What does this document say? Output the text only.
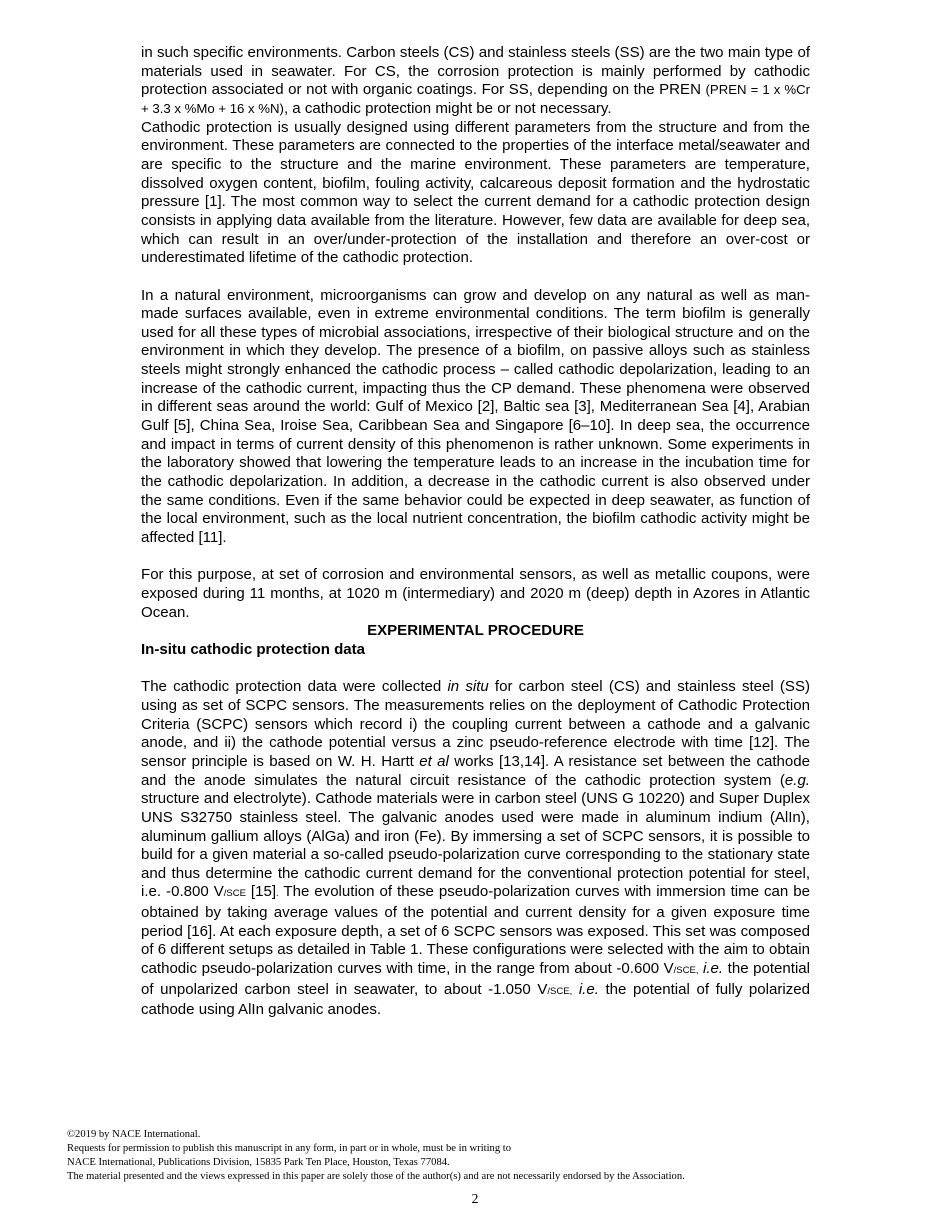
in such specific environments. Carbon steels (CS) and stainless steels (SS) are the two main type of materials used in seawater. For CS, the corrosion protection is mainly performed by cathodic protection associated or not with organic coatings. For SS, depending on the PREN (PREN = 1 x %Cr + 3.3 x %Mo + 16 x %N), a cathodic protection might be or not necessary.

Cathodic protection is usually designed using different parameters from the structure and from the environment. These parameters are connected to the properties of the interface metal/seawater and are specific to the structure and the marine environment. These parameters are temperature, dissolved oxygen content, biofilm, fouling activity, calcareous deposit formation and the hydrostatic pressure [1]. The most common way to select the current demand for a cathodic protection design consists in applying data available from the literature. However, few data are available for deep sea, which can result in an over/under-protection of the installation and therefore an over-cost or underestimated lifetime of the cathodic protection.

In a natural environment, microorganisms can grow and develop on any natural as well as man-made surfaces available, even in extreme environmental conditions. The term biofilm is generally used for all these types of microbial associations, irrespective of their biological structure and on the environment in which they develop. The presence of a biofilm, on passive alloys such as stainless steels might strongly enhanced the cathodic process – called cathodic depolarization, leading to an increase of the cathodic current, impacting thus the CP demand. These phenomena were observed in different seas around the world: Gulf of Mexico [2], Baltic sea [3], Mediterranean Sea [4], Arabian Gulf [5], China Sea, Iroise Sea, Caribbean Sea and Singapore [6–10]. In deep sea, the occurrence and impact in terms of current density of this phenomenon is rather unknown. Some experiments in the laboratory showed that lowering the temperature leads to an increase in the incubation time for the cathodic depolarization. In addition, a decrease in the cathodic current is also observed under the same conditions. Even if the same behavior could be expected in deep seawater, as function of the local environment, such as the local nutrient concentration, the biofilm cathodic activity might be affected [11].

For this purpose, at set of corrosion and environmental sensors, as well as metallic coupons, were exposed during 11 months, at 1020 m (intermediary) and 2020 m (deep) depth in Azores in Atlantic Ocean.

EXPERIMENTAL PROCEDURE

In-situ cathodic protection data

The cathodic protection data were collected in situ for carbon steel (CS) and stainless steel (SS) using as set of SCPC sensors. The measurements relies on the deployment of Cathodic Protection Criteria (SCPC) sensors which record i) the coupling current between a cathode and a galvanic anode, and ii) the cathode potential versus a zinc pseudo-reference electrode with time [12]. The sensor principle is based on W. H. Hartt et al works [13,14]. A resistance set between the cathode and the anode simulates the natural circuit resistance of the cathodic protection system (e.g. structure and electrolyte). Cathode materials were in carbon steel (UNS G 10220) and Super Duplex UNS S32750 stainless steel. The galvanic anodes used were made in aluminum indium (AlIn), aluminum gallium alloys (AlGa) and iron (Fe). By immersing a set of SCPC sensors, it is possible to build for a given material a so-called pseudo-polarization curve corresponding to the stationary state and thus determine the cathodic current demand for the conventional protection potential for steel, i.e. -0.800 V/SCE [15]. The evolution of these pseudo-polarization curves with immersion time can be obtained by taking average values of the potential and current density for a given exposure time period [16]. At each exposure depth, a set of 6 SCPC sensors was exposed. This set was composed of 6 different setups as detailed in Table 1. These configurations were selected with the aim to obtain cathodic pseudo-polarization curves with time, in the range from about -0.600 V/SCE, i.e. the potential of unpolarized carbon steel in seawater, to about -1.050 V/SCE, i.e. the potential of fully polarized cathode using AlIn galvanic anodes.

©2019 by NACE International.
Requests for permission to publish this manuscript in any form, in part or in whole, must be in writing to
NACE International, Publications Division, 15835 Park Ten Place, Houston, Texas 77084.
The material presented and the views expressed in this paper are solely those of the author(s) and are not necessarily endorsed by the Association.
2
